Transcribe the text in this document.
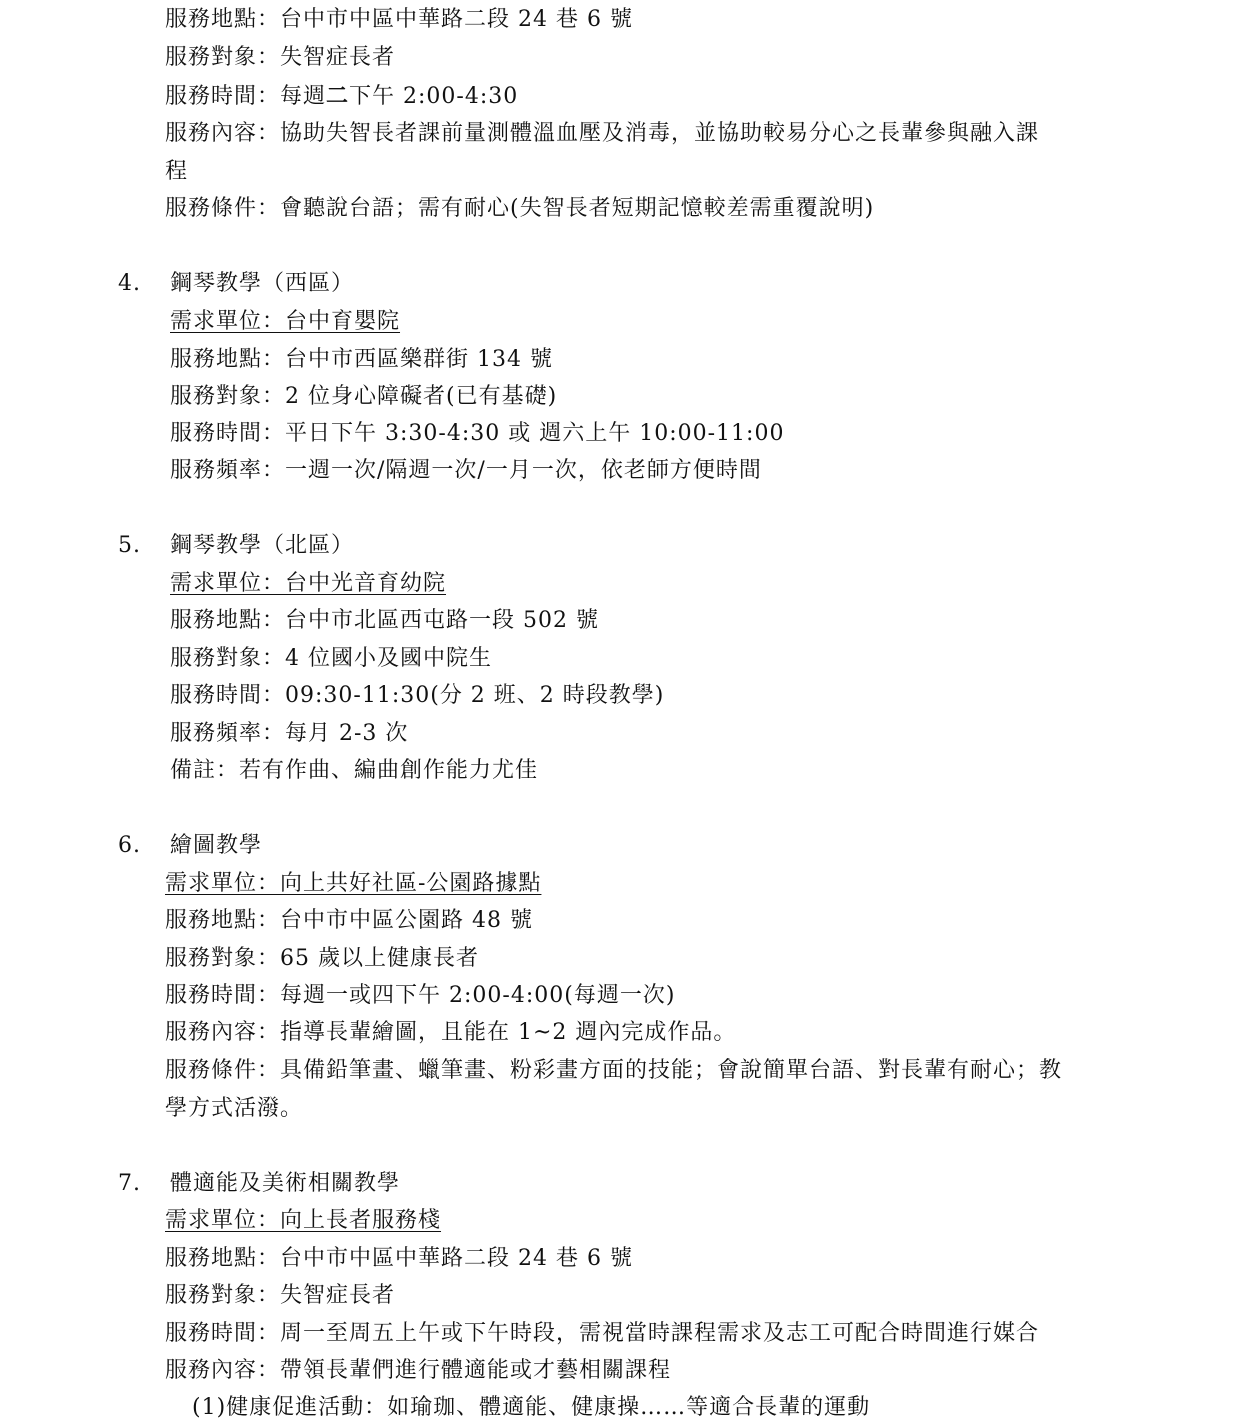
服務地點：台中市中區中華路二段 24 巷 6 號
服務對象：失智症長者
服務時間：每週二下午 2:00-4:30
服務內容：協助失智長者課前量測體溫血壓及消毒，並協助較易分心之長輩參與融入課
程
服務條件：會聽說台語；需有耐心(失智長者短期記憶較差需重覆說明)
4. 鋼琴教學（西區）
需求單位：台中育嬰院
服務地點：台中市西區樂群街 134 號
服務對象：2 位身心障礙者(已有基礎)
服務時間：平日下午 3:30-4:30 或 週六上午 10:00-11:00
服務頻率：一週一次/隔週一次/一月一次，依老師方便時間
5. 鋼琴教學（北區）
需求單位：台中光音育幼院
服務地點：台中市北區西屯路一段 502 號
服務對象：4 位國小及國中院生
服務時間：09:30-11:30(分 2 班、2 時段教學)
服務頻率：每月 2-3 次
備註：若有作曲、編曲創作能力尤佳
6. 繪圖教學
需求單位：向上共好社區-公園路據點
服務地點：台中市中區公園路 48 號
服務對象：65 歲以上健康長者
服務時間：每週一或四下午 2:00-4:00(每週一次)
服務內容：指導長輩繪圖，且能在 1~2 週內完成作品。
服務條件：具備鉛筆畫、蠟筆畫、粉彩畫方面的技能；會說簡單台語、對長輩有耐心；教
學方式活潑。
7. 體適能及美術相關教學
需求單位：向上長者服務棧
服務地點：台中市中區中華路二段 24 巷 6 號
服務對象：失智症長者
服務時間：周一至周五上午或下午時段，需視當時課程需求及志工可配合時間進行媒合
服務內容：帶領長輩們進行體適能或才藝相關課程
(1)健康促進活動：如瑜珈、體適能、健康操……等適合長輩的運動
